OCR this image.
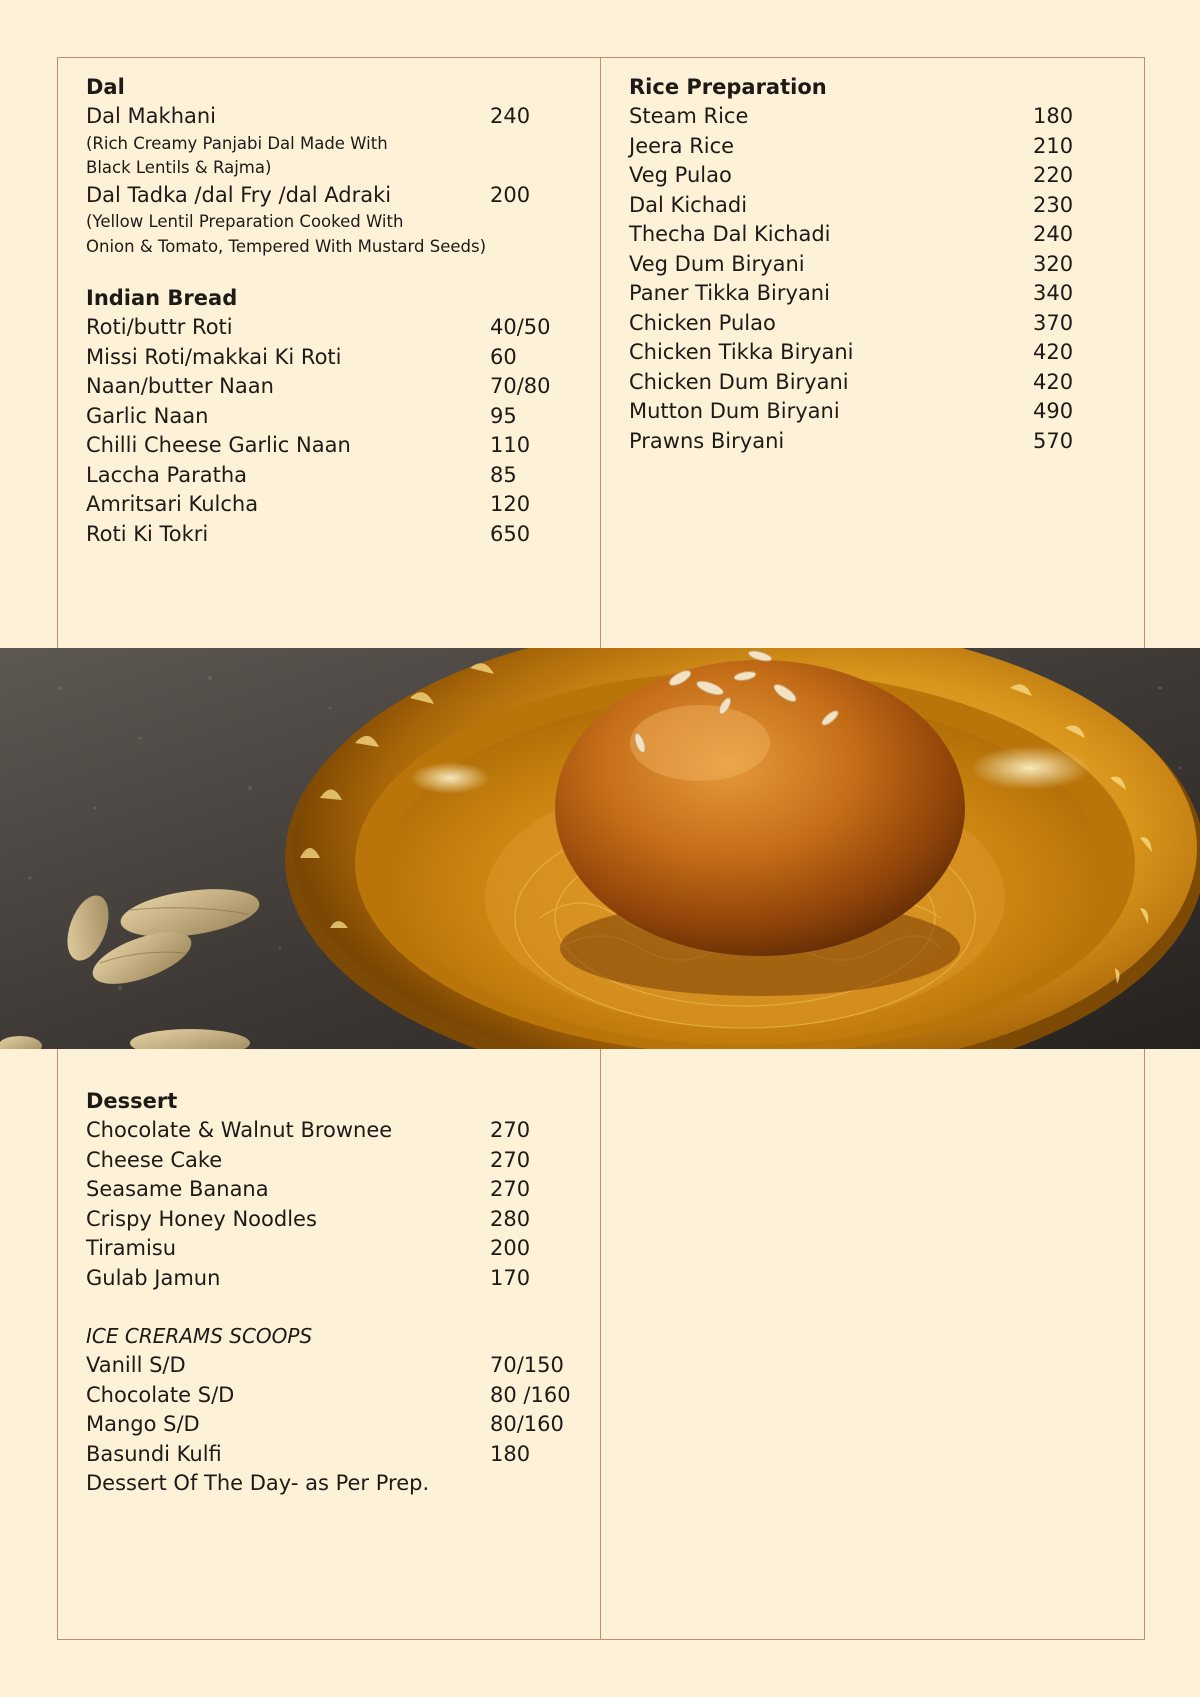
Dal
Dal Makhani	240
(Rich Creamy Panjabi Dal Made With
Black Lentils & Rajma)
Dal Tadka /dal Fry /dal Adraki	200
(Yellow Lentil Preparation Cooked With
Onion & Tomato, Tempered With Mustard Seeds)
Indian Bread
Roti/buttr Roti	40/50
Missi Roti/makkai Ki Roti	60
Naan/butter Naan	70/80
Garlic Naan	95
Chilli Cheese Garlic Naan	110
Laccha Paratha	85
Amritsari Kulcha	120
Roti Ki Tokri	650
Rice Preparation
Steam Rice	180
Jeera Rice	210
Veg Pulao	220
Dal Kichadi	230
Thecha Dal Kichadi	240
Veg Dum Biryani	320
Paner Tikka Biryani	340
Chicken Pulao	370
Chicken Tikka Biryani	420
Chicken Dum Biryani	420
Mutton Dum Biryani	490
Prawns Biryani	570
Dessert
Chocolate & Walnut Brownee	270
Cheese Cake	270
Seasame Banana	270
Crispy Honey Noodles	280
Tiramisu	200
Gulab Jamun	170
ICE CRERAMS SCOOPS
Vanill S/D	70/150
Chocolate S/D	80 /160
Mango S/D	80/160
Basundi Kulfi	180
Dessert Of The Day- as Per Prep.
